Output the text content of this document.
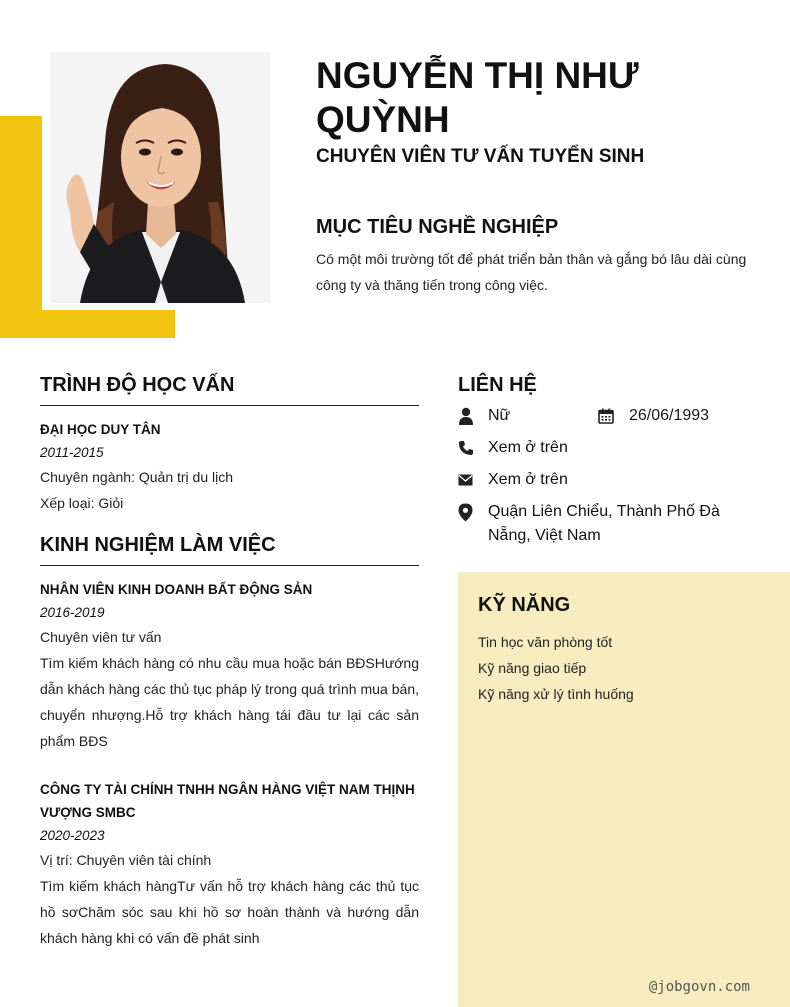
NGUYỄN THỊ NHƯ QUỲNH
CHUYÊN VIÊN TƯ VẤN TUYỂN SINH
MỤC TIÊU NGHỀ NGHIỆP
Có một môi trường tốt để phát triển bản thân và gắng bó lâu dài cùng công ty và thăng tiến trong công việc.
TRÌNH ĐỘ HỌC VẤN
ĐẠI HỌC DUY TÂN
2011-2015
Chuyên ngành: Quản trị du lịch
Xếp loại: Giỏi
KINH NGHIỆM LÀM VIỆC
NHÂN VIÊN KINH DOANH BẤT ĐỘNG SẢN
2016-2019
Chuyên viên tư vấn
Tìm kiếm khách hàng có nhu cầu mua hoặc bán BĐSHướng dẫn khách hàng các thủ tục pháp lý trong quá trình mua bán, chuyển nhượng.Hỗ trợ khách hàng tái đầu tư lại các sản phẩm BĐS
CÔNG TY TÀI CHÍNH TNHH NGÂN HÀNG VIỆT NAM THỊNH VƯỢNG SMBC
2020-2023
Vị trí: Chuyên viên tài chính
Tìm kiếm khách hàngTư vấn hỗ trợ khách hàng các thủ tục hồ sơChăm sóc sau khi hồ sơ hoàn thành và hướng dẫn khách hàng khi có vấn đề phát sinh
LIÊN HỆ
Nữ	26/06/1993
Xem ở trên
Xem ở trên
Quận Liên Chiểu, Thành Phố Đà Nẵng, Việt Nam
KỸ NĂNG
Tin học văn phòng tốt
Kỹ năng giao tiếp
Kỹ năng xử lý tình huống
@jobgovn.com
